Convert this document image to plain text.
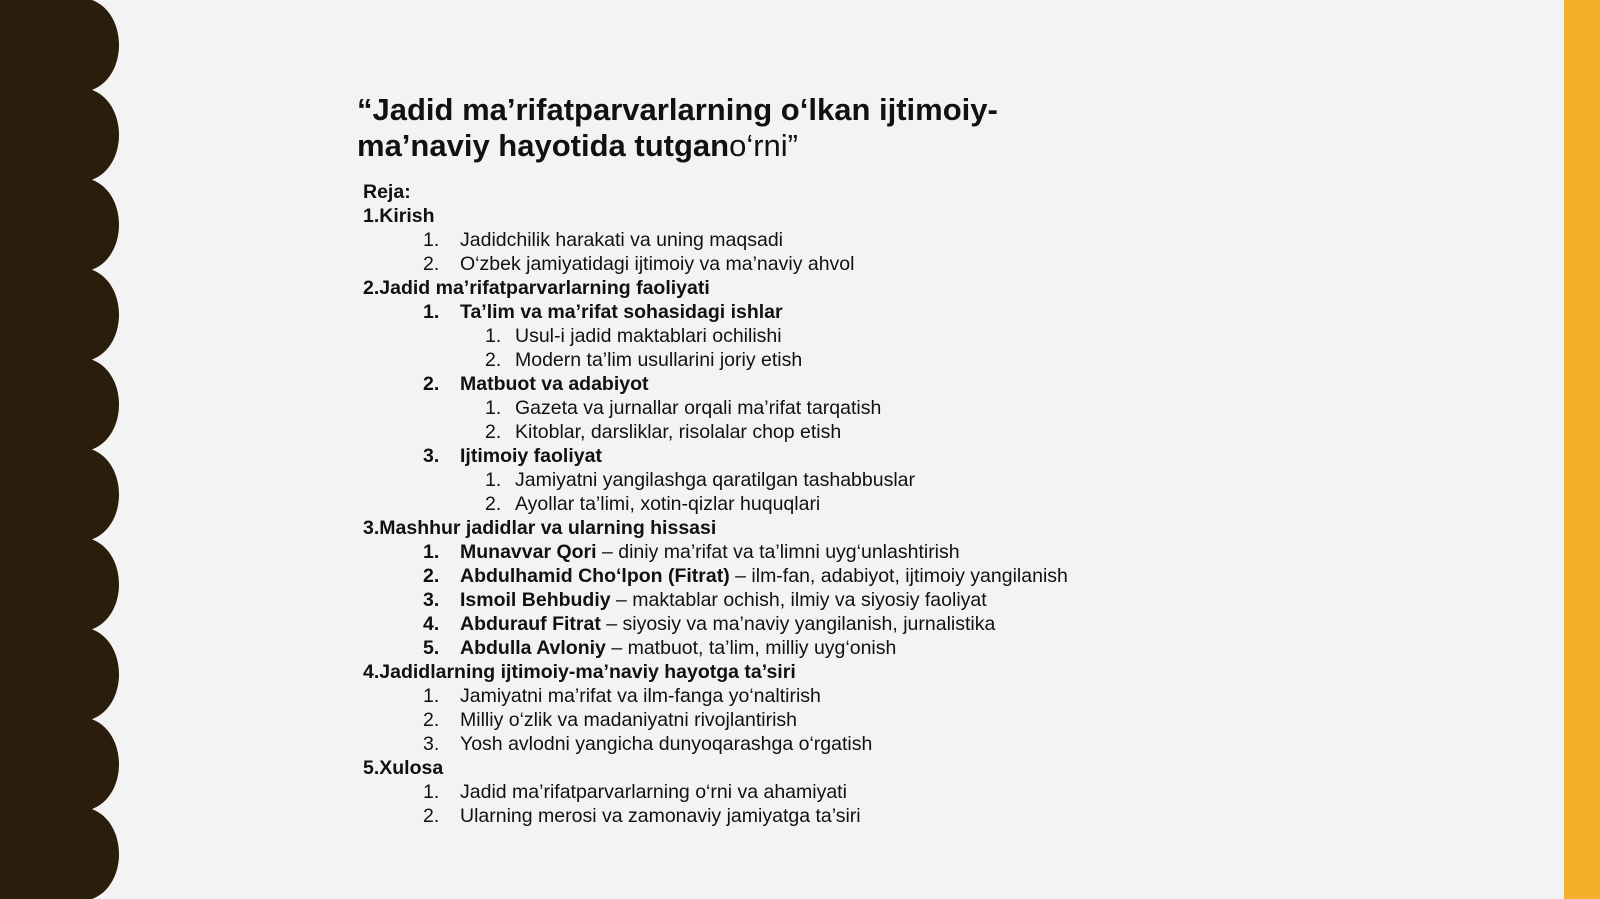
“Jadid ma’rifatparvarlarning o‘lkan ijtimoiy-ma’naviy hayotida tutgano‘rni”
Reja:
1.Kirish
1. Jadidchilik harakati va uning maqsadi
2. O‘zbek jamiyatidagi ijtimoiy va ma’naviy ahvol
2.Jadid ma’rifatparvarlarning faoliyati
1. Ta’lim va ma’rifat sohasidagi ishlar
1. Usul-i jadid maktablari ochilishi
2. Modern ta’lim usullarini joriy etish
2. Matbuot va adabiyot
1. Gazeta va jurnallar orqali ma’rifat tarqatish
2. Kitoblar, darsliklar, risolalar chop etish
3. Ijtimoiy faoliyat
1. Jamiyatni yangilashga qaratilgan tashabbuslar
2. Ayollar ta’limi, xotin-qizlar huquqlari
3.Mashhur jadidlar va ularning hissasi
1. Munavvar Qori – diniy ma’rifat va ta’limni uyg‘unlashtirish
2. Abdulhamid Cho‘lpon (Fitrat) – ilm-fan, adabiyot, ijtimoiy yangilanish
3. Ismoil Behbudiy – maktablar ochish, ilmiy va siyosiy faoliyat
4. Abdurauf Fitrat – siyosiy va ma’naviy yangilanish, jurnalistika
5. Abdulla Avloniy – matbuot, ta’lim, milliy uyg‘onish
4.Jadidlarning ijtimoiy-ma’naviy hayotga ta’siri
1. Jamiyatni ma’rifat va ilm-fanga yo‘naltirish
2. Milliy o‘zlik va madaniyatni rivojlantirish
3. Yosh avlodni yangicha dunyoqarashga o‘rgatish
5.Xulosa
1. Jadid ma’rifatparvarlarning o‘rni va ahamiyati
2. Ularning merosi va zamonaviy jamiyatga ta’siri
